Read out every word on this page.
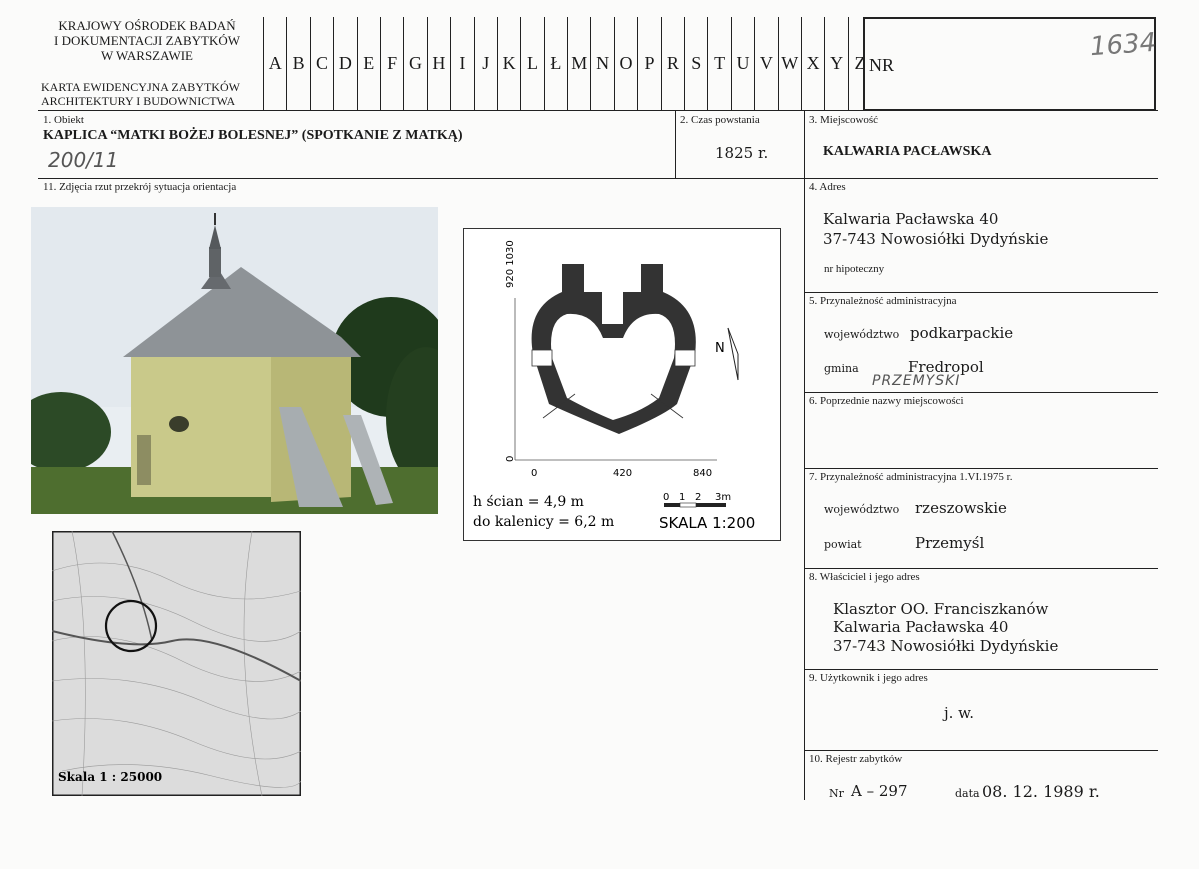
KRAJOWY OŚRODEK BADAŃ
I DOKUMENTACJI ZABYTKÓW
W WARSZAWIE
KARTA EWIDENCYJNA ZABYTKÓW
ARCHITEKTURY I BUDOWNICTWA
A B C D E F G H I J K L Ł M N O P R S T U V W X Y Z NR
1634
1. Obiekt
KAPLICA “MATKI BOŻEJ BOLESNEJ” (SPOTKANIE Z MATKĄ)
200/11
2. Czas powstania
1825 r.
3. Miejscowość
KALWARIA PACŁAWSKA
11. Zdjęcia rzut przekrój sytuacja orientacja
N
0	420	840
0
920 1030
h ścian = 4,9 m
do kalenicy = 6,2 m
0 1 2 3m
SKALA 1:200
Skala 1 : 25000
4. Adres
Kalwaria Pacławska 40
37-743 Nowosiółki Dydyńskie
nr hipoteczny
5. Przynależność administracyjna
województwo podkarpackie
gmina	Fredropol
PRZEMYSKI
6. Poprzednie nazwy miejscowości
7. Przynależność administracyjna 1.VI.1975 r.
województwo rzeszowskie
powiat	Przemyśl
8. Właściciel i jego adres
Klasztor OO. Franciszkanów
Kalwaria Pacławska 40
37-743 Nowosiółki Dydyńskie
9. Użytkownik i jego adres
j. w.
10. Rejestr zabytków
Nr A – 297	data 08. 12. 1989 r.
